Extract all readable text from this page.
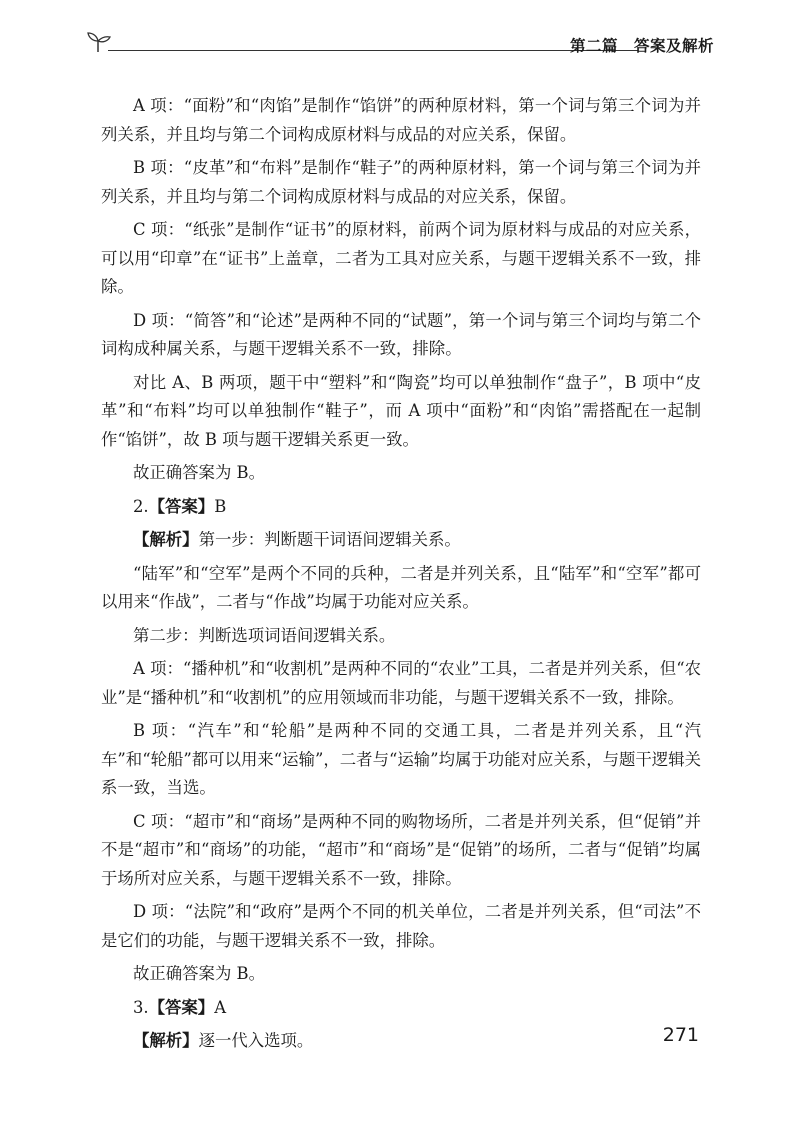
第二篇　答案及解析

A 项：“面粉”和“肉馅”是制作“馅饼”的两种原材料，第一个词与第三个词为并列关系，并且均与第二个词构成原材料与成品的对应关系，保留。

B 项：“皮革”和“布料”是制作“鞋子”的两种原材料，第一个词与第三个词为并列关系，并且均与第二个词构成原材料与成品的对应关系，保留。

C 项：“纸张”是制作“证书”的原材料，前两个词为原材料与成品的对应关系，可以用“印章”在“证书”上盖章，二者为工具对应关系，与题干逻辑关系不一致，排除。

D 项：“简答”和“论述”是两种不同的“试题”，第一个词与第三个词均与第二个词构成种属关系，与题干逻辑关系不一致，排除。

对比 A、B 两项，题干中“塑料”和“陶瓷”均可以单独制作“盘子”，B 项中“皮革”和“布料”均可以单独制作“鞋子”，而 A 项中“面粉”和“肉馅”需搭配在一起制作“馅饼”，故 B 项与题干逻辑关系更一致。

故正确答案为 B。

2.【答案】B

【解析】第一步：判断题干词语间逻辑关系。

“陆军”和“空军”是两个不同的兵种，二者是并列关系，且“陆军”和“空军”都可以用来“作战”，二者与“作战”均属于功能对应关系。

第二步：判断选项词语间逻辑关系。

A 项：“播种机”和“收割机”是两种不同的“农业”工具，二者是并列关系，但“农业”是“播种机”和“收割机”的应用领域而非功能，与题干逻辑关系不一致，排除。

B 项：“汽车”和“轮船”是两种不同的交通工具，二者是并列关系，且“汽车”和“轮船”都可以用来“运输”，二者与“运输”均属于功能对应关系，与题干逻辑关系一致，当选。

C 项：“超市”和“商场”是两种不同的购物场所，二者是并列关系，但“促销”并不是“超市”和“商场”的功能，“超市”和“商场”是“促销”的场所，二者与“促销”均属于场所对应关系，与题干逻辑关系不一致，排除。

D 项：“法院”和“政府”是两个不同的机关单位，二者是并列关系，但“司法”不是它们的功能，与题干逻辑关系不一致，排除。

故正确答案为 B。

3.【答案】A

【解析】逐一代入选项。	271
